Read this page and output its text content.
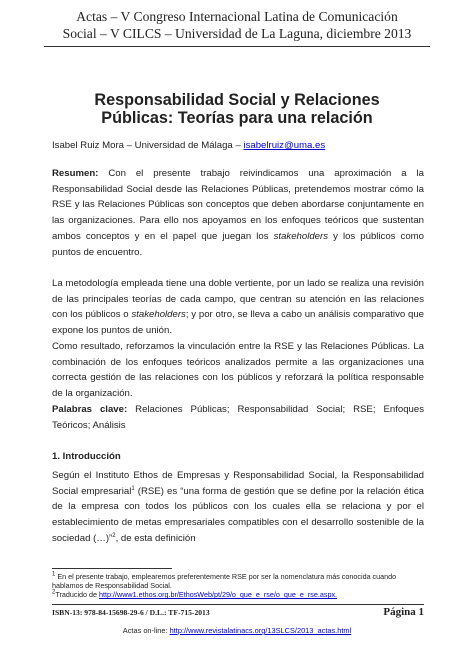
Actas – V Congreso Internacional Latina de Comunicación
Social – V CILCS – Universidad de La Laguna, diciembre 2013
Responsabilidad Social y Relaciones
Públicas: Teorías para una relación
Isabel Ruiz Mora – Universidad de Málaga – isabelruiz@uma.es
Resumen: Con el presente trabajo reivindicamos una aproximación a la Responsabilidad Social desde las Relaciones Públicas, pretendemos mostrar cómo la RSE y las Relaciones Públicas son conceptos que deben abordarse conjuntamente en las organizaciones. Para ello nos apoyamos en los enfoques teóricos que sustentan ambos conceptos y en el papel que juegan los stakeholders y los públicos como puntos de encuentro.
La metodología empleada tiene una doble vertiente, por un lado se realiza una revisión de las principales teorías de cada campo, que centran su atención en las relaciones con los públicos o stakeholders; y por otro, se lleva a cabo un análisis comparativo que expone los puntos de unión.
Como resultado, reforzamos la vinculación entre la RSE y las Relaciones Públicas. La combinación de los enfoques teóricos analizados permite a las organizaciones una correcta gestión de las relaciones con los públicos y reforzará la política responsable de la organización.
Palabras clave: Relaciones Públicas; Responsabilidad Social; RSE; Enfoques Teóricos; Análisis
1. Introducción
Según el Instituto Ethos de Empresas y Responsabilidad Social, la Responsabilidad Social empresarial$^1$ (RSE) es “una forma de gestión que se define por la relación ética de la empresa con todos los públicos con los cuales ella se relaciona y por el establecimiento de metas empresariales compatibles con el desarrollo sostenible de la sociedad (…)”$^2$, de esta definición
$^1$ En el presente trabajo, emplearemos preferentemente RSE por ser la nomenclatura más conocida cuando hablamos de Responsabilidad Social.
$^2$Traducido de http://www1.ethos.org.br/EthosWeb/pt/29/o_que_e_rse/o_que_e_rse.aspx.
ISBN-13: 978-84-15698-29-6 / D.L.: TF-715-2013	Página 1
Actas on-line: http://www.revistalatinacs.org/13SLCS/2013_actas.html
